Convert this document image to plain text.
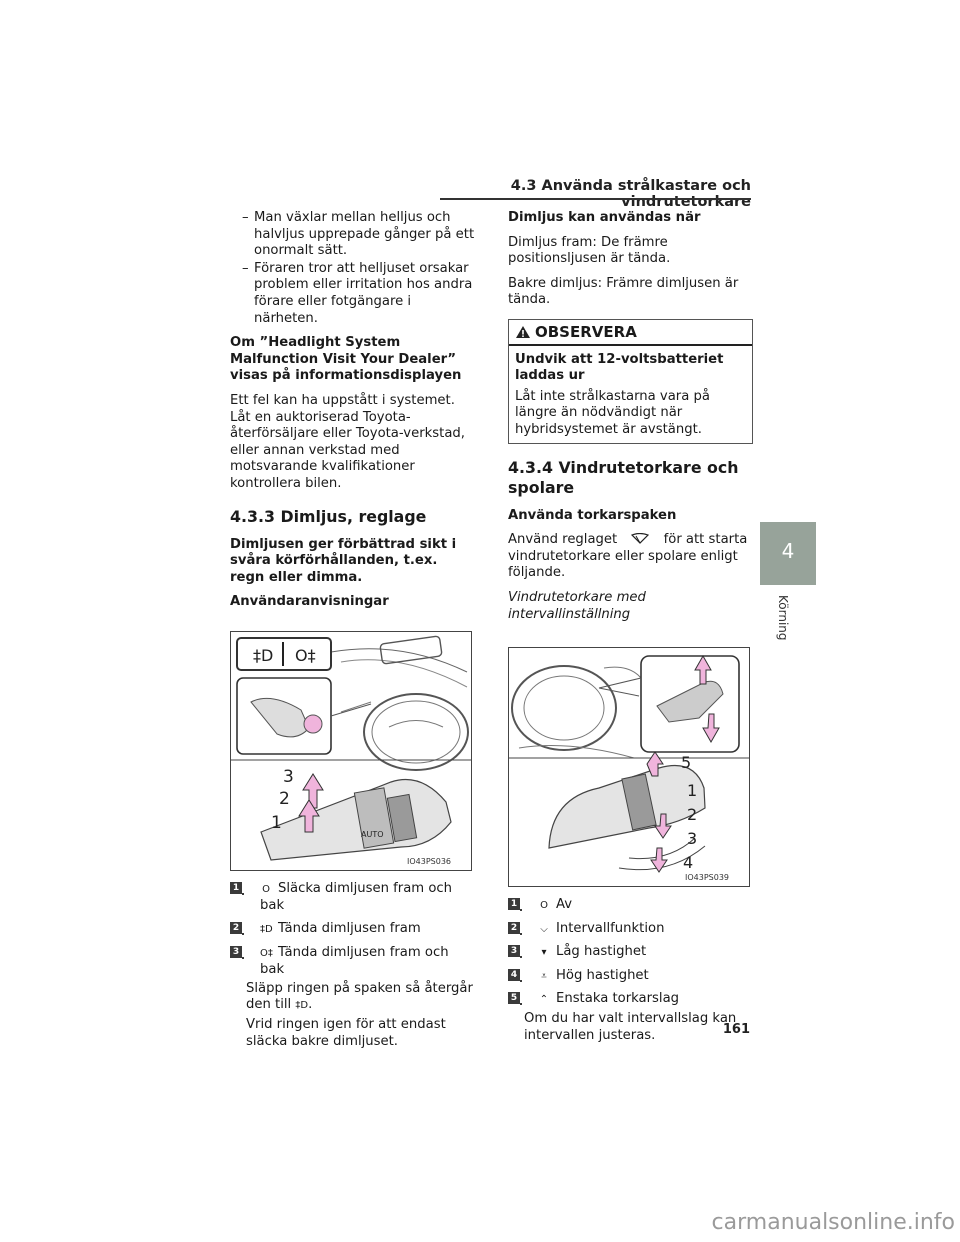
4.3 Använda strålkastare och vindrutetorkare
– Man växlar mellan helljus och halvljus upprepade gånger på ett onormalt sätt.
– Föraren tror att helljuset orsakar problem eller irritation hos andra förare eller fotgängare i närheten.

Om ”Headlight System Malfunction Visit Your Dealer” visas på informationsdisplayen

Ett fel kan ha uppstått i systemet. Låt en auktoriserad Toyota-återförsäljare eller Toyota-verkstad, eller annan verkstad med motsvarande kvalifikationer kontrollera bilen.

4.3.3 Dimljus, reglage

Dimljusen ger förbättrad sikt i svåra körförhållanden, t.ex. regn eller dimma.

Användaranvisningar

‡D O‡
AUTO
3
2
1
IO43PS036
1 O Släcka dimljusen fram och bak
2 ‡D Tända dimljusen fram
3 O‡ Tända dimljusen fram och bak
Släpp ringen på spaken så återgår den till ‡D.
Vrid ringen igen för att endast släcka bakre dimljuset.

Dimljus kan användas när

Dimljus fram: De främre positionsljusen är tända.

Bakre dimljus: Främre dimljusen är tända.

OBSERVERA

Undvik att 12-voltsbatteriet laddas ur

Låt inte strålkastarna vara på längre än nödvändigt när hybridsystemet är avstängt.

4.3.4 Vindrutetorkare och spolare

Använda torkarspaken

Använd reglaget	för att starta vindrutetorkare eller spolare enligt följande.

Vindrutetorkare med intervallinställning

5
1
2
3
4
IO43PS039
1 O Av
2 ⌵ Intervallfunktion
3 ▾ Låg hastighet
4 ⩡ Hög hastighet
5 ⌃ Enstaka torkarslag
Om du har valt intervallslag kan intervallen justeras.
4
Körning
161
carmanualsonline.info
